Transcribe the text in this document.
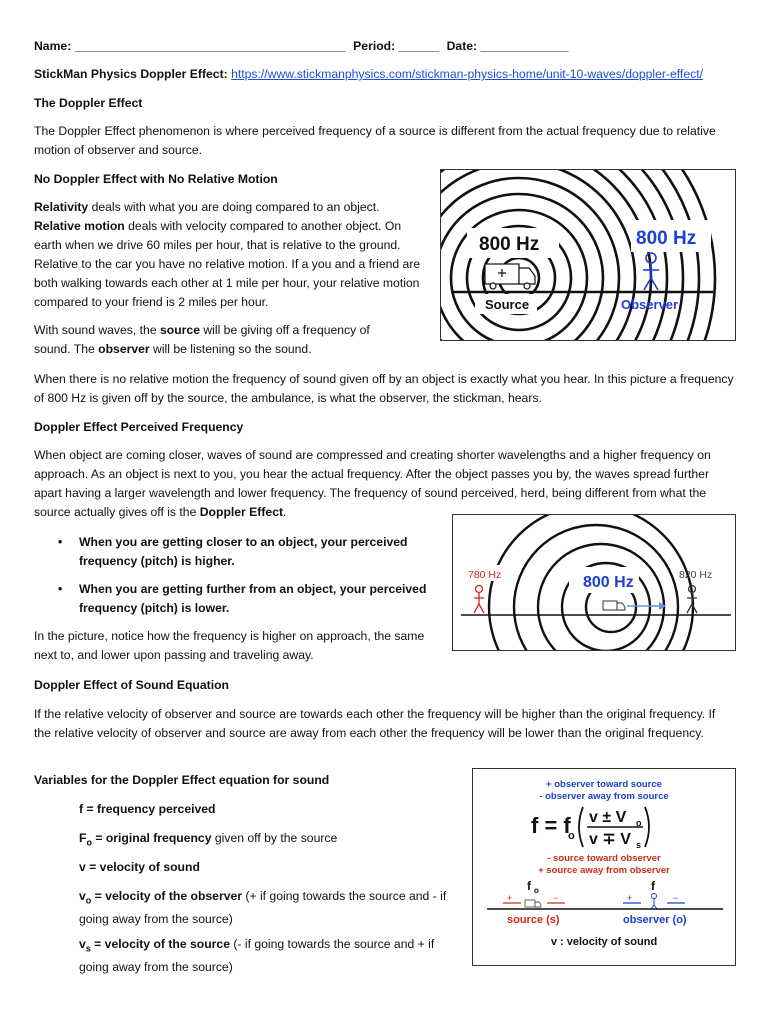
Name: ________________________________________ Period: ______ Date: _____________
StickMan Physics Doppler Effect: https://www.stickmanphysics.com/stickman-physics-home/unit-10-waves/doppler-effect/
The Doppler Effect
The Doppler Effect phenomenon is where perceived frequency of a source is different from the actual frequency due to relative motion of observer and source.
No Doppler Effect with No Relative Motion
Relativity deals with what you are doing compared to an object. Relative motion deals with velocity compared to another object. On earth when we drive 60 miles per hour, that is relative to the ground. Relative to the car you have no relative motion. If a you and a friend are both walking towards each other at 1 mile per hour, your relative motion compared to your friend is 2 miles per hour.
With sound waves, the source will be giving off a frequency of sound. The observer will be listening so the sound.
800 Hz	800 Hz
Source	Observer
When there is no relative motion the frequency of sound given off by an object is exactly what you hear. In this picture a frequency of 800 Hz is given off by the source, the ambulance, is what the observer, the stickman, hears.
Doppler Effect Perceived Frequency
When object are coming closer, waves of sound are compressed and creating shorter wavelengths and a higher frequency on approach. As an object is next to you, you hear the actual frequency. After the object passes you by, the waves spread further apart having a larger wavelength and lower frequency. The frequency of sound perceived, herd, being different from what the source actually gives off is the Doppler Effect.
• When you are getting closer to an object, your perceived frequency (pitch) is higher.
• When you are getting further from an object, your perceived frequency (pitch) is lower.
800 Hz
780 Hz	820 Hz
In the picture, notice how the frequency is higher on approach, the same next to, and lower upon passing and traveling away.
Doppler Effect of Sound Equation
If the relative velocity of observer and source are towards each other the frequency will be higher than the original frequency. If the relative velocity of observer and source are away from each other the frequency will be lower than the original frequency.
Variables for the Doppler Effect equation for sound
f = frequency perceived
$F_o$ = original frequency given off by the source
v = velocity of sound
$v_o$ = velocity of the observer (+ if going towards the source and - if going away from the source)
$v_s$ = velocity of the source (- if going towards the source and + if going away from the source)
+ observer toward source
- observer away from source
f = f
o
v ± V o
v ∓ V s
- source toward observer
+ source away from observer
f o	f
+	−	+	−
source (s)	observer (o)
v : velocity of sound
